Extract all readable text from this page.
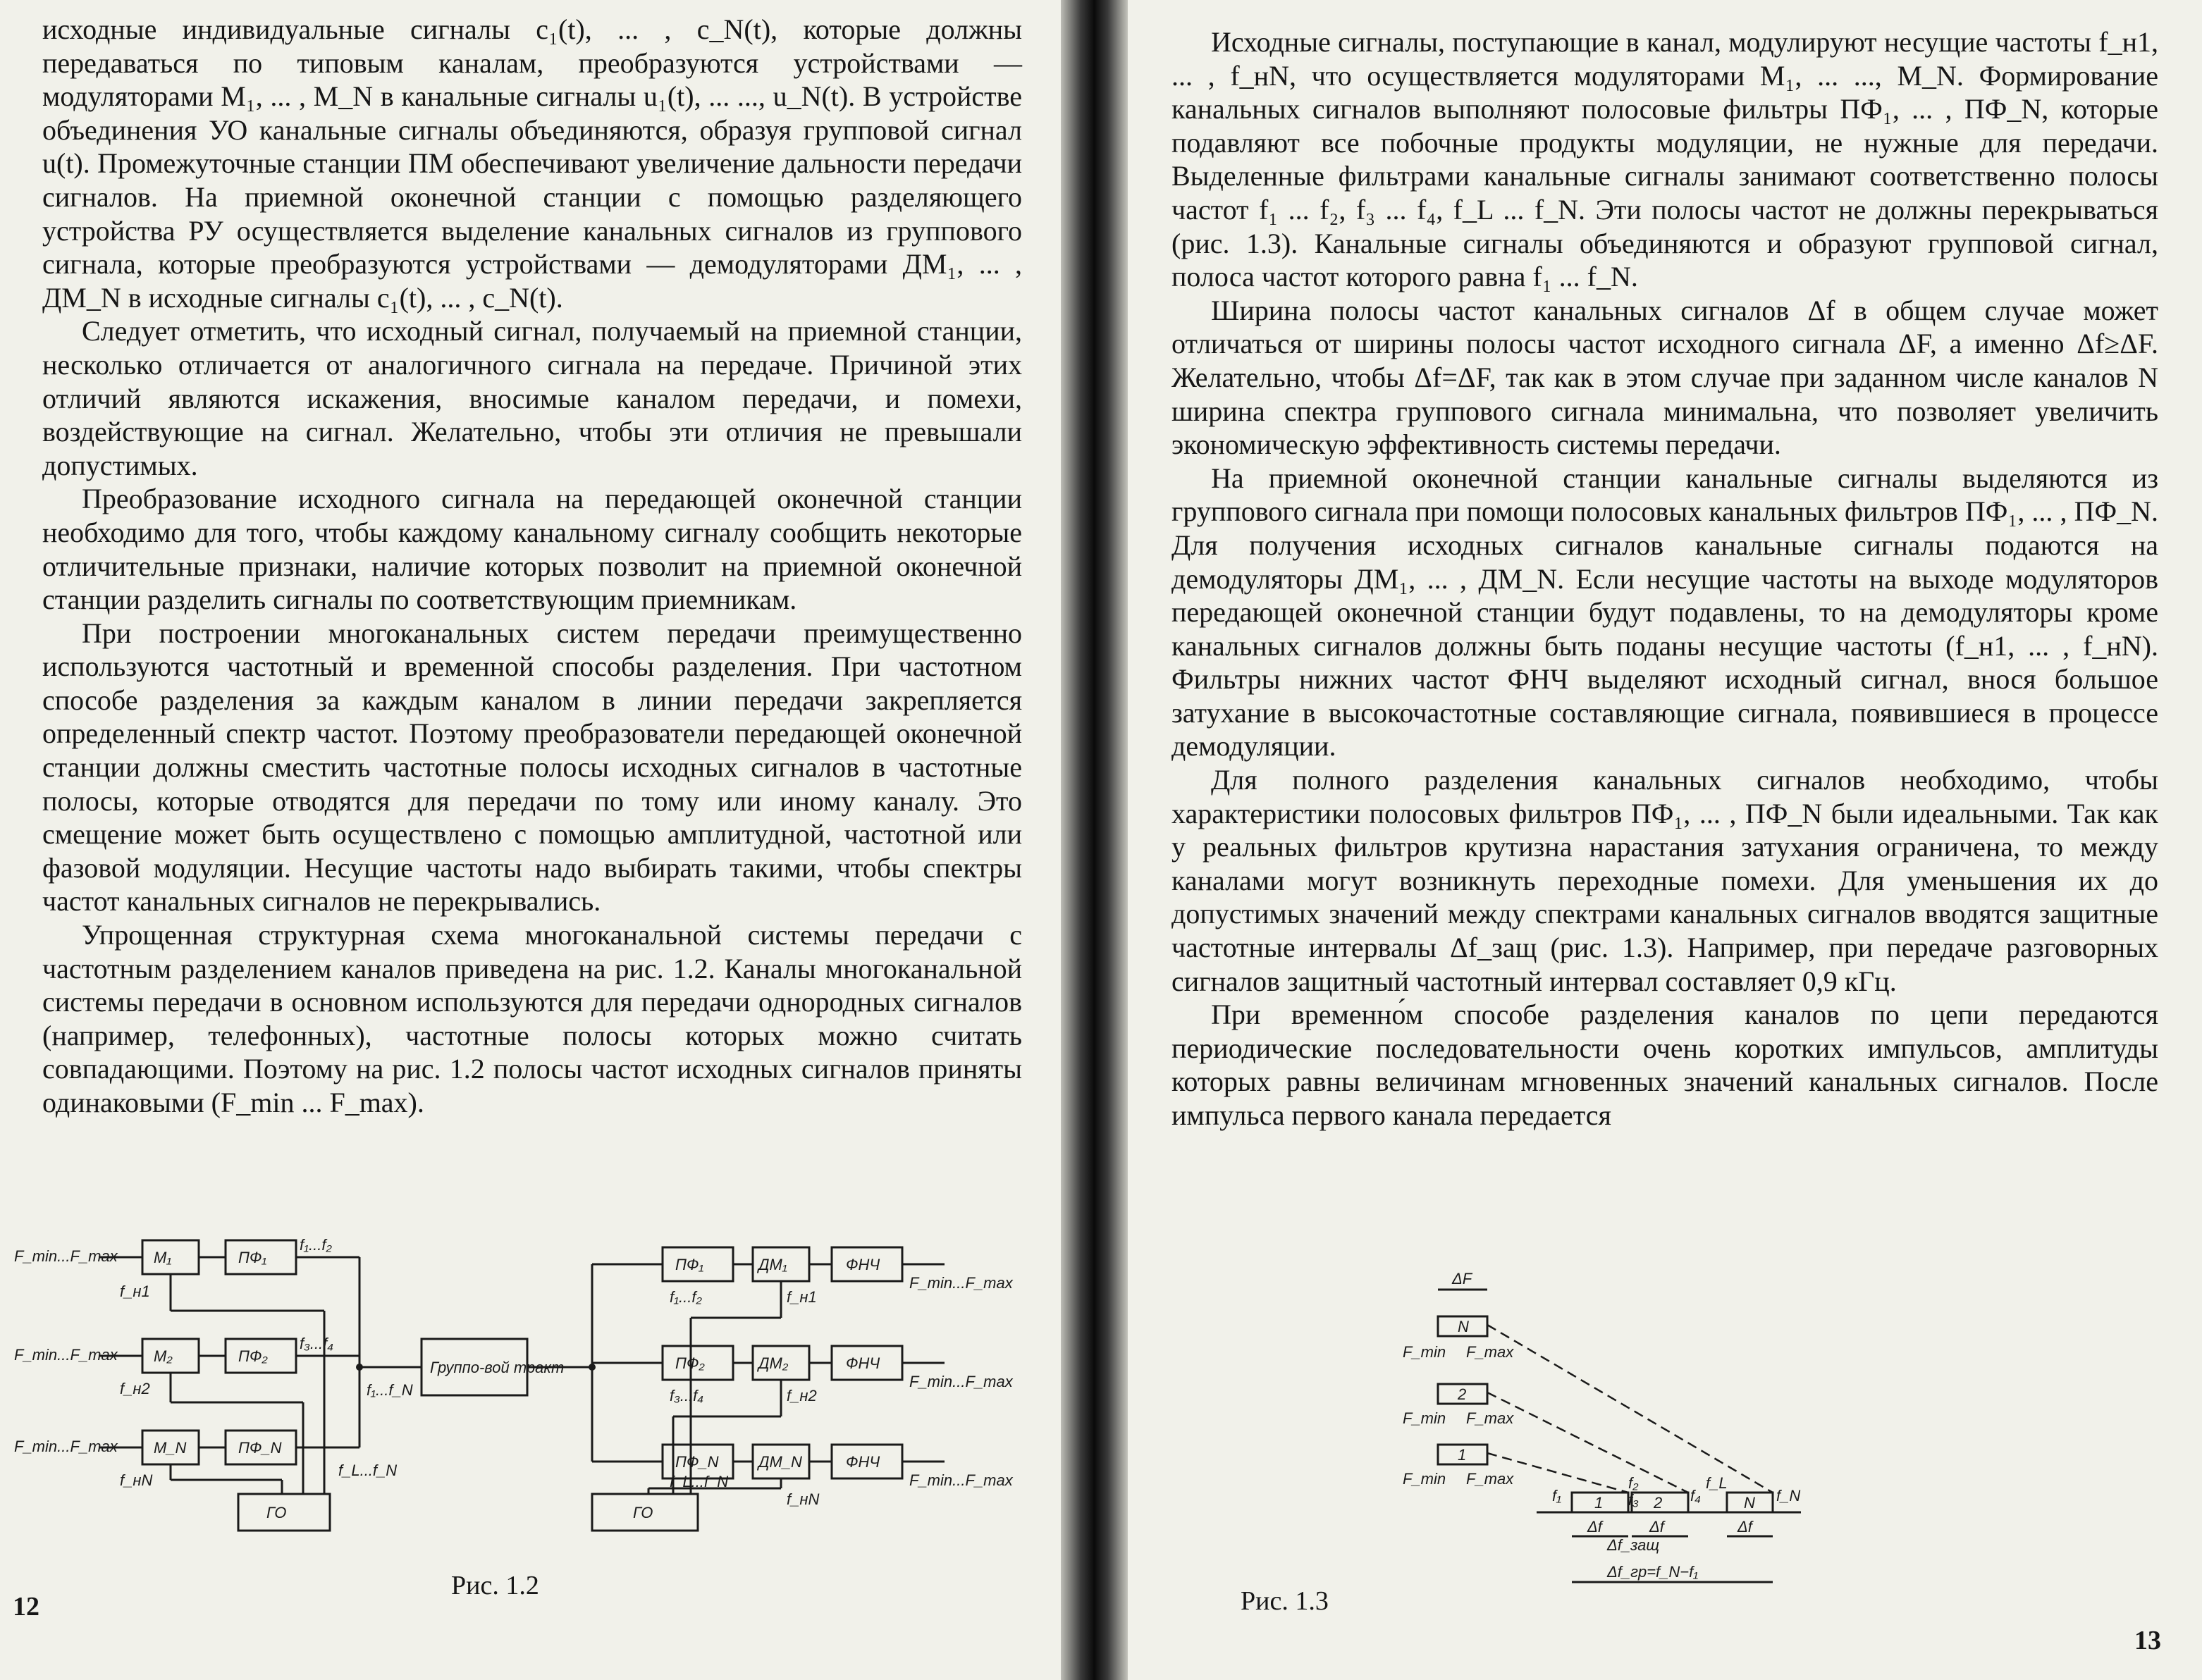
исходные индивидуальные сигналы c₁(t), ... , c_N(t), которые должны передаваться по типовым каналам, преобразуются устройствами — модуляторами M₁, ... , M_N в канальные сигналы u₁(t), ... ..., u_N(t). В устройстве объединения УО канальные сигналы объединяются, образуя групповой сигнал u(t). Промежуточные станции ПМ обеспечивают увеличение дальности передачи сигналов. На приемной оконечной станции с помощью разделяющего устройства РУ осуществляется выделение канальных сигналов из группового сигнала, которые преобразуются устройствами — демодуляторами ДМ₁, ... , ДМ_N в исходные сигналы c₁(t), ... , c_N(t).

Следует отметить, что исходный сигнал, получаемый на приемной станции, несколько отличается от аналогичного сигнала на передаче. Причиной этих отличий являются искажения, вносимые каналом передачи, и помехи, воздействующие на сигнал. Желательно, чтобы эти отличия не превышали допустимых.

Преобразование исходного сигнала на передающей оконечной станции необходимо для того, чтобы каждому канальному сигналу сообщить некоторые отличительные признаки, наличие которых позволит на приемной оконечной станции разделить сигналы по соответствующим приемникам.

При построении многоканальных систем передачи преимущественно используются частотный и временной способы разделения. При частотном способе разделения за каждым каналом в линии передачи закрепляется определенный спектр частот. Поэтому преобразователи передающей оконечной станции должны сместить частотные полосы исходных сигналов в частотные полосы, которые отводятся для передачи по тому или иному каналу. Это смещение может быть осуществлено с помощью амплитудной, частотной или фазовой модуляции. Несущие частоты надо выбирать такими, чтобы спектры частот канальных сигналов не перекрывались.

Упрощенная структурная схема многоканальной системы передачи с частотным разделением каналов приведена на рис. 1.2. Каналы многоканальной системы передачи в основном используются для передачи однородных сигналов (например, телефонных), частотные полосы которых можно считать совпадающими. Поэтому на рис. 1.2 полосы частот исходных сигналов приняты одинаковыми (F_min ... F_max).

F_min...F_max
F_min...F_max
F_min...F_max
M₁
M₂
M_N
ПФ₁
ПФ₂
ПФ_N
f_н1
f_н2
f_нN
f₁...f₂
f₃...f₄
f_L...f_N
f₁...f_N
Группо-вой тракт
ГО
ПФ₁
ПФ₂
ПФ_N
ДМ₁
ДМ₂
ДМ_N
ФНЧ
ФНЧ
ФНЧ
F_min...F_max
F_min...F_max
F_min...F_max
f₁...f₂
f₃...f₄
f_L...f_N
f_н1
f_н2
f_нN
ГО
Рис. 1.2
12

Исходные сигналы, поступающие в канал, модулируют несущие частоты f_н1, ... , f_нN, что осуществляется модуляторами M₁, ... ..., M_N. Формирование канальных сигналов выполняют полосовые фильтры ПФ₁, ... , ПФ_N, которые подавляют все побочные продукты модуляции, не нужные для передачи. Выделенные фильтрами канальные сигналы занимают соответственно полосы частот f₁ ... f₂, f₃ ... f₄, f_L ... f_N. Эти полосы частот не должны перекрываться (рис. 1.3). Канальные сигналы объединяются и образуют групповой сигнал, полоса частот которого равна f₁ ... f_N.

Ширина полосы частот канальных сигналов Δf в общем случае может отличаться от ширины полосы частот исходного сигнала ΔF, а именно Δf≥ΔF. Желательно, чтобы Δf=ΔF, так как в этом случае при заданном числе каналов N ширина спектра группового сигнала минимальна, что позволяет увеличить экономическую эффективность системы передачи.

На приемной оконечной станции канальные сигналы выделяются из группового сигнала при помощи полосовых канальных фильтров ПФ₁, ... , ПФ_N. Для получения исходных сигналов канальные сигналы подаются на демодуляторы ДМ₁, ... , ДМ_N. Если несущие частоты на выходе модуляторов передающей оконечной станции будут подавлены, то на демодуляторы кроме канальных сигналов должны быть поданы несущие частоты (f_н1, ... , f_нN). Фильтры нижних частот ФНЧ выделяют исходный сигнал, внося большое затухание в высокочастотные составляющие сигнала, появившиеся в процессе демодуляции.

Для полного разделения канальных сигналов необходимо, чтобы характеристики полосовых фильтров ПФ₁, ... , ПФ_N были идеальными. Так как у реальных фильтров крутизна нарастания затухания ограничена, то между каналами могут возникнуть переходные помехи. Для уменьшения их до допустимых значений между спектрами канальных сигналов вводятся защитные частотные интервалы Δf_защ (рис. 1.3). Например, при передаче разговорных сигналов защитный частотный интервал составляет 0,9 кГц.

При временно́м способе разделения каналов по цепи передаются периодические последовательности очень коротких импульсов, амплитуды которых равны величинам мгновенных значений канальных сигналов. После импульса первого канала передается

ΔF
N
2
1
F_min F_max
F_min F_max
F_min F_max
1	2	N
f₁
f₂
f₃	f₄
f_L
f_N
Δf	Δf	Δf
Δf_защ
Δf_гр=f_N−f₁
Рис. 1.3
13
